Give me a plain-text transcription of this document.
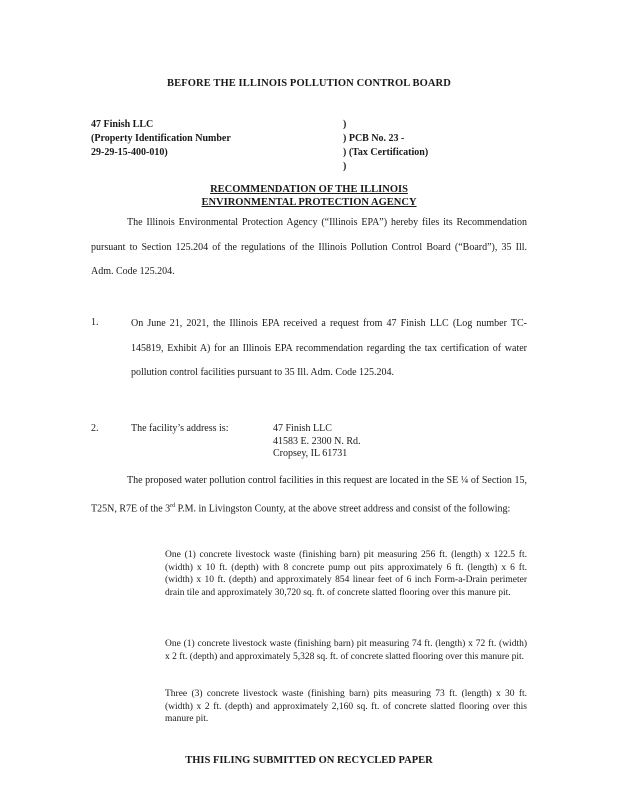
BEFORE THE ILLINOIS POLLUTION CONTROL BOARD
47 Finish LLC
(Property Identification Number
29-29-15-400-010)
)
) PCB No. 23 -
) (Tax Certification)
)
RECOMMENDATION OF THE ILLINOIS
ENVIRONMENTAL PROTECTION AGENCY
The Illinois Environmental Protection Agency (“Illinois EPA”) hereby files its Recommendation pursuant to Section 125.204 of the regulations of the Illinois Pollution Control Board (“Board”), 35 Ill. Adm. Code 125.204.
1.	On June 21, 2021, the Illinois EPA received a request from 47 Finish LLC (Log number TC-145819, Exhibit A) for an Illinois EPA recommendation regarding the tax certification of water pollution control facilities pursuant to 35 Ill. Adm. Code 125.204.
2.	The facility’s address is:	47 Finish LLC
41583 E. 2300 N. Rd.
Cropsey, IL 61731
The proposed water pollution control facilities in this request are located in the SE ¼ of Section 15, T25N, R7E of the 3rd P.M. in Livingston County, at the above street address and consist of the following:
One (1) concrete livestock waste (finishing barn) pit measuring 256 ft. (length) x 122.5 ft. (width) x 10 ft. (depth) with 8 concrete pump out pits approximately 6 ft. (length) x 6 ft. (width) x 10 ft. (depth) and approximately 854 linear feet of 6 inch Form-a-Drain perimeter drain tile and approximately 30,720 sq. ft. of concrete slatted flooring over this manure pit.
One (1) concrete livestock waste (finishing barn) pit measuring 74 ft. (length) x 72 ft. (width) x 2 ft. (depth) and approximately 5,328 sq. ft. of concrete slatted flooring over this manure pit.
Three (3) concrete livestock waste (finishing barn) pits measuring 73 ft. (length) x 30 ft. (width) x 2 ft. (depth) and approximately 2,160 sq. ft. of concrete slatted flooring over this manure pit.
THIS FILING SUBMITTED ON RECYCLED PAPER
